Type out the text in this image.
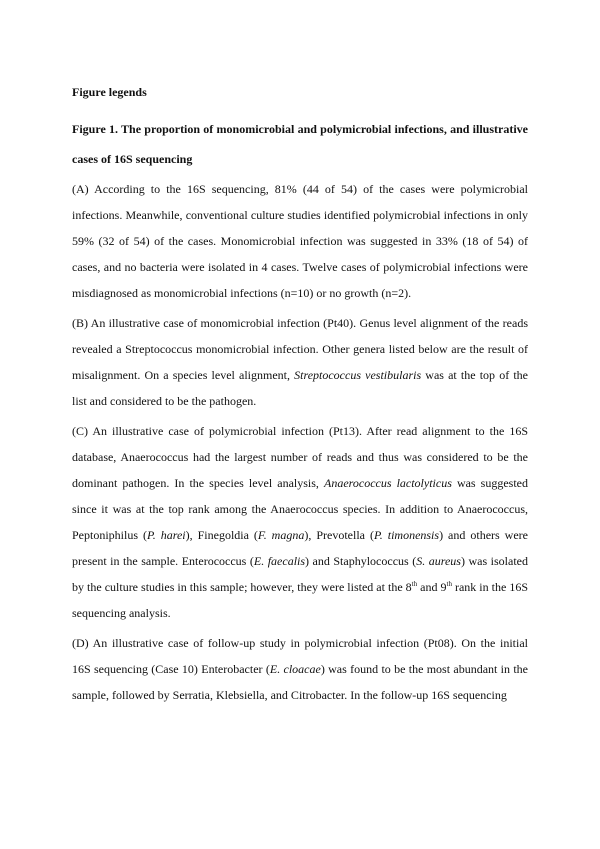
Figure legends
Figure 1. The proportion of monomicrobial and polymicrobial infections, and illustrative cases of 16S sequencing

(A) According to the 16S sequencing, 81% (44 of 54) of the cases were polymicrobial infections. Meanwhile, conventional culture studies identified polymicrobial infections in only 59% (32 of 54) of the cases. Monomicrobial infection was suggested in 33% (18 of 54) of cases, and no bacteria were isolated in 4 cases. Twelve cases of polymicrobial infections were misdiagnosed as monomicrobial infections (n=10) or no growth (n=2).

(B) An illustrative case of monomicrobial infection (Pt40). Genus level alignment of the reads revealed a Streptococcus monomicrobial infection. Other genera listed below are the result of misalignment. On a species level alignment, Streptococcus vestibularis was at the top of the list and considered to be the pathogen.

(C) An illustrative case of polymicrobial infection (Pt13). After read alignment to the 16S database, Anaerococcus had the largest number of reads and thus was considered to be the dominant pathogen. In the species level analysis, Anaerococcus lactolyticus was suggested since it was at the top rank among the Anaerococcus species. In addition to Anaerococcus, Peptoniphilus (P. harei), Finegoldia (F. magna), Prevotella (P. timonensis) and others were present in the sample. Enterococcus (E. faecalis) and Staphylococcus (S. aureus) was isolated by the culture studies in this sample; however, they were listed at the 8th and 9th rank in the 16S sequencing analysis.

(D) An illustrative case of follow-up study in polymicrobial infection (Pt08). On the initial 16S sequencing (Case 10) Enterobacter (E. cloacae) was found to be the most abundant in the sample, followed by Serratia, Klebsiella, and Citrobacter. In the follow-up 16S sequencing
